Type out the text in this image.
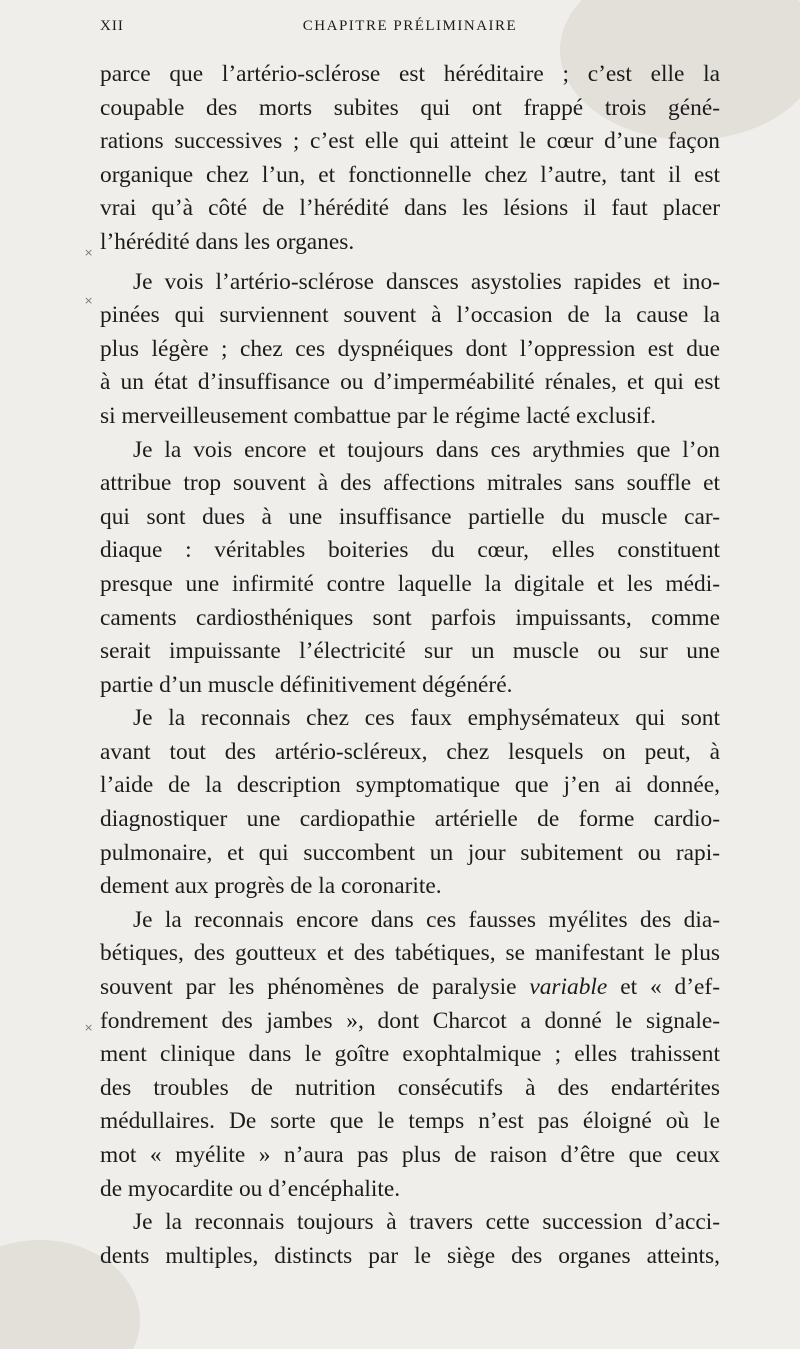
XII	CHAPITRE PRÉLIMINAIRE
×
×
×
parce que l’artério-sclérose est héréditaire ; c’est elle la
coupable des morts subites qui ont frappé trois géné-
rations successives ; c’est elle qui atteint le cœur d’une façon
organique chez l’un, et fonctionnelle chez l’autre, tant il est
vrai qu’à côté de l’hérédité dans les lésions il faut placer
l’hérédité dans les organes.
Je vois l’artério-sclérose dansces asystolies rapides et ino-
pinées qui surviennent souvent à l’occasion de la cause la
plus légère ; chez ces dyspnéiques dont l’oppression est due
à un état d’insuffisance ou d’imperméabilité rénales, et qui est
si merveilleusement combattue par le régime lacté exclusif.
Je la vois encore et toujours dans ces arythmies que l’on
attribue trop souvent à des affections mitrales sans souffle et
qui sont dues à une insuffisance partielle du muscle car-
diaque : véritables boiteries du cœur, elles constituent
presque une infirmité contre laquelle la digitale et les médi-
caments cardiosthéniques sont parfois impuissants, comme
serait impuissante l’électricité sur un muscle ou sur une
partie d’un muscle définitivement dégénéré.
Je la reconnais chez ces faux emphysémateux qui sont
avant tout des artério-scléreux, chez lesquels on peut, à
l’aide de la description symptomatique que j’en ai donnée,
diagnostiquer une cardiopathie artérielle de forme cardio-
pulmonaire, et qui succombent un jour subitement ou rapi-
dement aux progrès de la coronarite.
Je la reconnais encore dans ces fausses myélites des dia-
bétiques, des goutteux et des tabétiques, se manifestant le plus
souvent par les phénomènes de paralysie variable et « d’ef-
fondrement des jambes », dont Charcot a donné le signale-
ment clinique dans le goître exophtalmique ; elles trahissent
des troubles de nutrition consécutifs à des endartérites
médullaires. De sorte que le temps n’est pas éloigné où le
mot « myélite » n’aura pas plus de raison d’être que ceux
de myocardite ou d’encéphalite.
Je la reconnais toujours à travers cette succession d’acci-
dents multiples, distincts par le siège des organes atteints,
